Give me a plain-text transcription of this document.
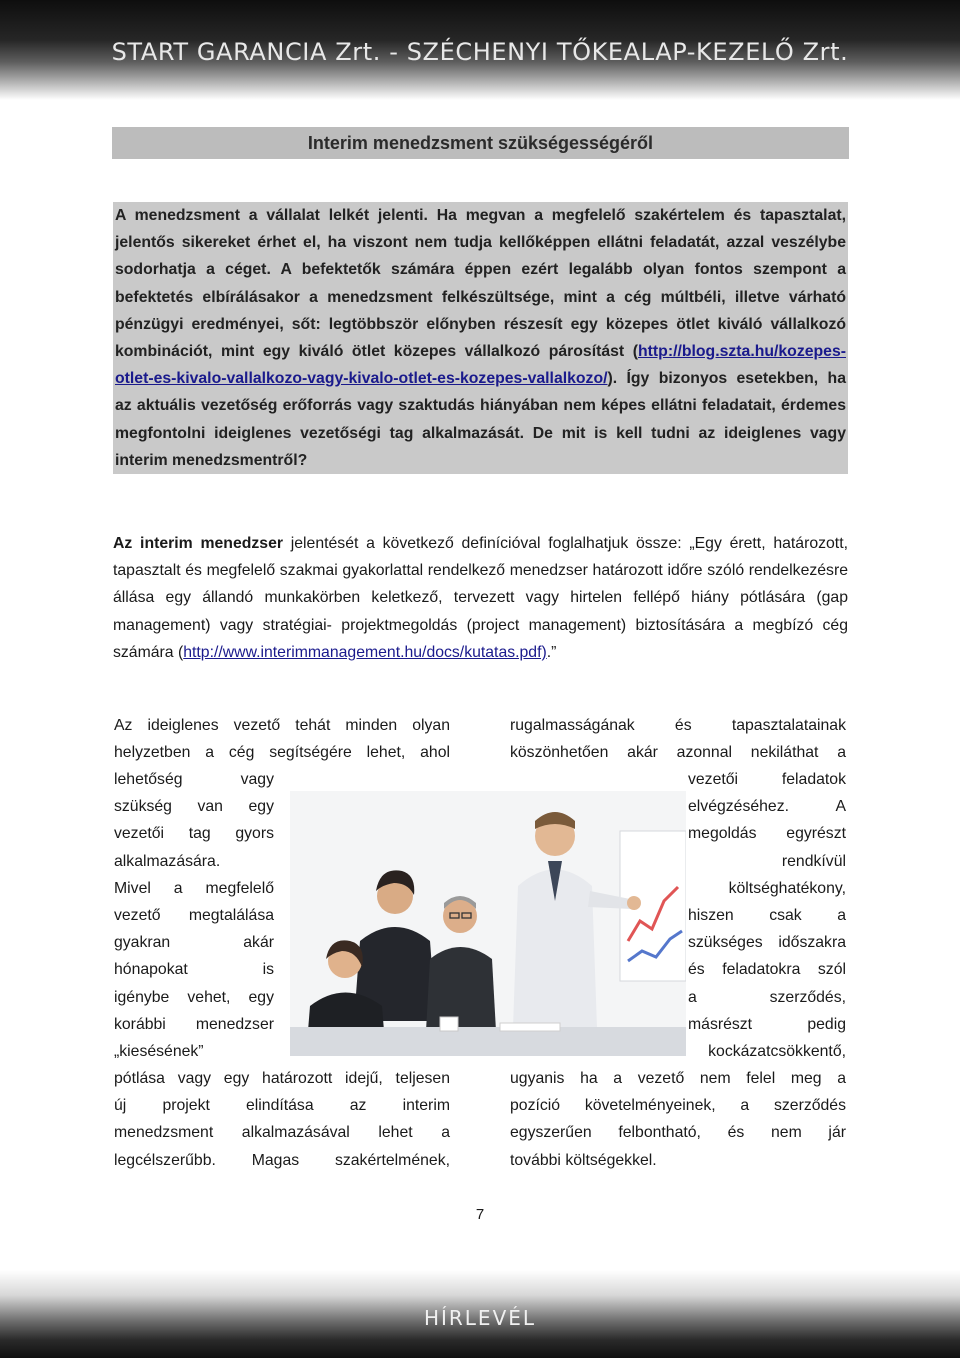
START GARANCIA Zrt. - SZÉCHENYI TŐKEALAP-KEZELŐ Zrt.
Interim menedzsment szükségességéről

A menedzsment a vállalat lelkét jelenti. Ha megvan a megfelelő szakértelem és tapasztalat, jelentős sikereket érhet el, ha viszont nem tudja kellőképpen ellátni feladatát, azzal veszélybe sodorhatja a céget. A befektetők számára éppen ezért legalább olyan fontos szempont a befektetés elbírálásakor a menedzsment felkészültsége, mint a cég múltbéli, illetve várható pénzügyi eredményei, sőt: legtöbbször előnyben részesít egy közepes ötlet kiváló vállalkozó kombinációt, mint egy kiváló ötlet közepes vállalkozó párosítást (http://blog.szta.hu/kozepes-otlet-es-kivalo-vallalkozo-vagy-kivalo-otlet-es-kozepes-vallalkozo/). Így bizonyos esetekben, ha az aktuális vezetőség erőforrás vagy szaktudás hiányában nem képes ellátni feladatait, érdemes megfontolni ideiglenes vezetőségi tag alkalmazását. De mit is kell tudni az ideiglenes vagy interim menedzsmentről?

Az interim menedzser jelentését a következő definícióval foglalhatjuk össze: „Egy érett, határozott, tapasztalt és megfelelő szakmai gyakorlattal rendelkező menedzser határozott időre szóló rendelkezésre állása egy állandó munkakörben keletkező, tervezett vagy hirtelen fellépő hiány pótlására (gap management) vagy stratégiai- projektmegoldás (project management) biztosítására a megbízó cég számára (http://www.interimmanagement.hu/docs/kutatas.pdf).”

Az ideiglenes vezető tehát minden olyan
helyzetben a cég segítségére lehet, ahol
lehetőség vagy
szükség van egy
vezetői tag gyors
alkalmazására.
Mivel a megfelelő
vezető megtalálása
gyakran akár
hónapokat is
igénybe vehet, egy
korábbi menedzser
„kiesésének”
pótlása vagy egy határozott idejű, teljesen
új projekt elindítása az interim
menedzsment alkalmazásával lehet a
legcélszerűbb. Magas szakértelmének,
rugalmasságának és tapasztalatainak
köszönhetően akár azonnal nekiláthat a
vezetői feladatok
elvégzéséhez. A
megoldás egyrészt
rendkívül
költséghatékony,
hiszen csak a
szükséges időszakra
és feladatokra szól
a szerződés,
másrészt pedig
kockázatcsökkentő,
ugyanis ha a vezető nem felel meg a
pozíció követelményeinek, a szerződés
egyszerűen felbontható, és nem jár
további költségekkel.
7
HÍRLEVÉL
